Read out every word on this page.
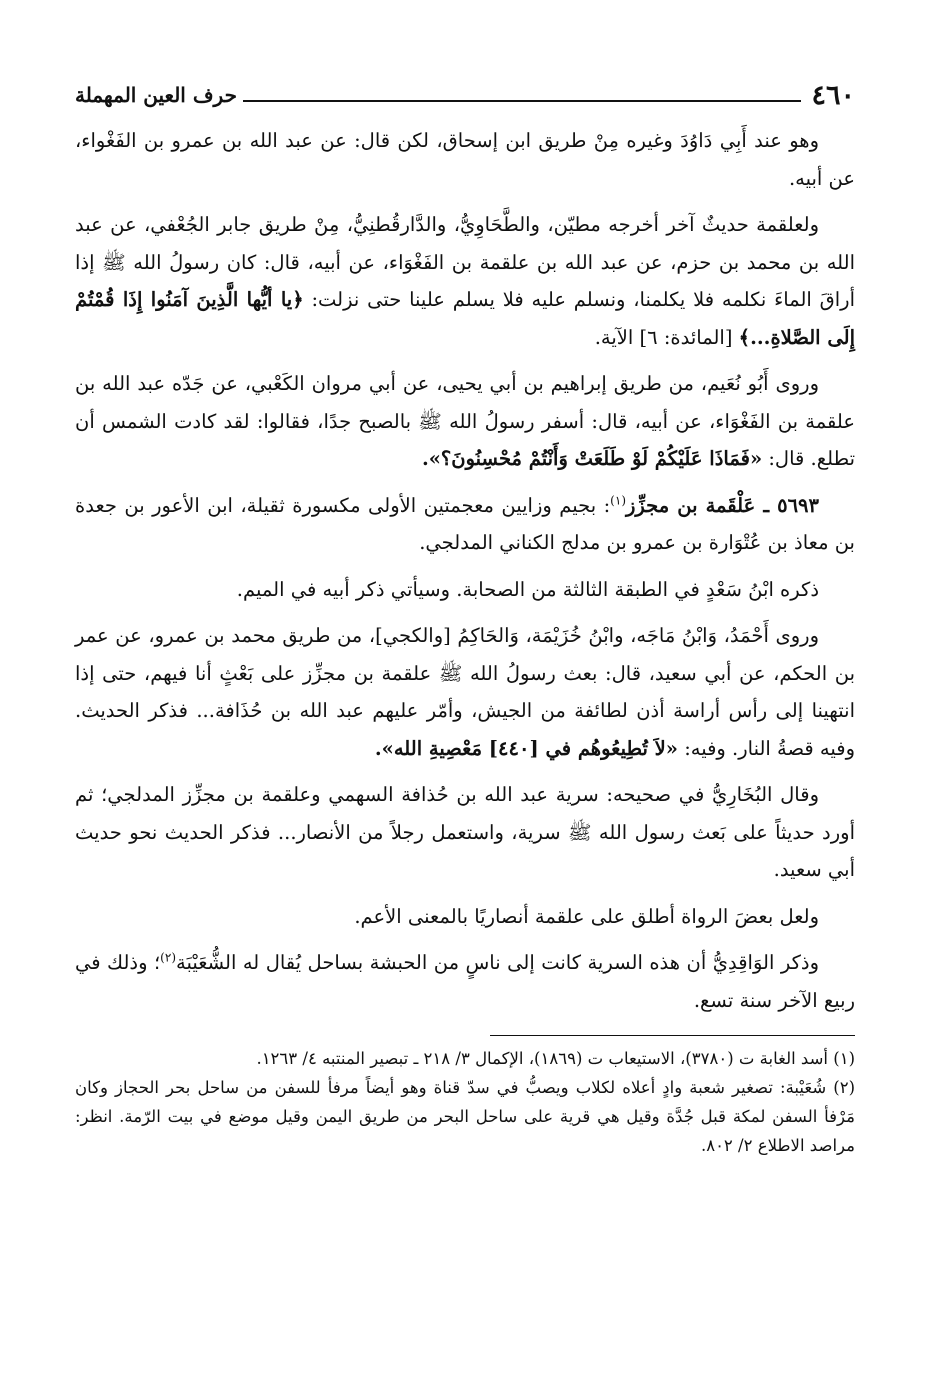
٤٦٠
حرف العين المهملة

وهو عند أَبِي دَاوُدَ وغيره مِنْ طريق ابن إسحاق، لكن قال: عن عبد الله بن عمرو بن الفَغْواء، عن أبيه.

ولعلقمة حديثٌ آخر أخرجه مطيّن، والطَّحَاوِيُّ، والدَّارقُطنِيُّ، مِنْ طريق جابر الجُعْفي، عن عبد الله بن محمد بن حزم، عن عبد الله بن علقمة بن الفَغْوَاء، عن أبيه، قال: كان رسولُ الله ﷺ إذا أراقَ الماءَ نكلمه فلا يكلمنا، ونسلم عليه فلا يسلم علينا حتى نزلت: ﴿يا أيُّها الَّذِينَ آمَنُوا إِذَا قُمْتُمْ إِلَى الصَّلاةِ...﴾ [المائدة: ٦] الآية.

وروى أَبُو نُعَيم، من طريق إبراهيم بن أبي يحيى، عن أبي مروان الكَعْبي، عن جَدّه عبد الله بن علقمة بن الفَغْوَاء، عن أبيه، قال: أسفر رسولُ الله ﷺ بالصبح جدًا، فقالوا: لقد كادت الشمس أن تطلع. قال: «فَمَاذَا عَلَيْكُمْ لَوْ طَلَعَتْ وَأَنْتُمْ مُحْسِنُونَ؟».

٥٦٩٣ ـ عَلْقَمة بن مجزِّز$^{(١)}$: بجيم وزايين معجمتين الأولى مكسورة ثقيلة، ابن الأعور بن جعدة بن معاذ بن عُتْوَارة بن عمرو بن مدلج الكناني المدلجي.

ذكره ابْنُ سَعْدٍ في الطبقة الثالثة من الصحابة. وسيأتي ذكر أبيه في الميم.

وروى أَحْمَدُ، وَابْنُ مَاجَه، وابْنُ خُزَيْمَة، وَالحَاكِمُ [والكجي]، من طريق محمد بن عمرو، عن عمر بن الحكم، عن أبي سعيد، قال: بعث رسولُ الله ﷺ علقمة بن مجزِّز على بَعْثٍ أنا فيهم، حتى إذا انتهينا إلى رأس أراسة أذن لطائفة من الجيش، وأمّر عليهم عبد الله بن حُذَافة... فذكر الحديث. وفيه قصةُ النار. وفيه: «لاَ تُطِيعُوهُم في [٤٤٠] مَعْصِيةِ الله».

وقال البُخَارِيُّ في صحيحه: سرية عبد الله بن حُذافة السهمي وعلقمة بن مجزِّز المدلجي؛ ثم أورد حديثاً على بَعث رسول الله ﷺ سرية، واستعمل رجلاً من الأنصار... فذكر الحديث نحو حديث أبي سعيد.

ولعل بعضَ الرواة أطلق على علقمة أنصاريًا بالمعنى الأعم.

وذكر الوَاقِدِيُّ أن هذه السرية كانت إلى ناسٍ من الحبشة بساحل يُقال له الشُّعَيْبَة$^{(٢)}$؛ وذلك في ربيع الآخر سنة تسع.

(١) أسد الغابة ت (٣٧٨٠)، الاستيعاب ت (١٨٦٩)، الإكمال ٣/ ٢١٨ ـ تبصير المنتبه ٤/ ١٢٦٣.

(٢) شُعَيْبة: تصغير شعبة وادٍ أعلاه لكلاب ويصبُّ في سدّ قناة وهو أيضاً مرفأ للسفن من ساحل بحر الحجاز وكان مَرْفأ السفن لمكة قبل جُدَّة وقيل هي قرية على ساحل البحر من طريق اليمن وقيل موضع في بيت الرّمة. انظر: مراصد الاطلاع ٢/ ٨٠٢.
